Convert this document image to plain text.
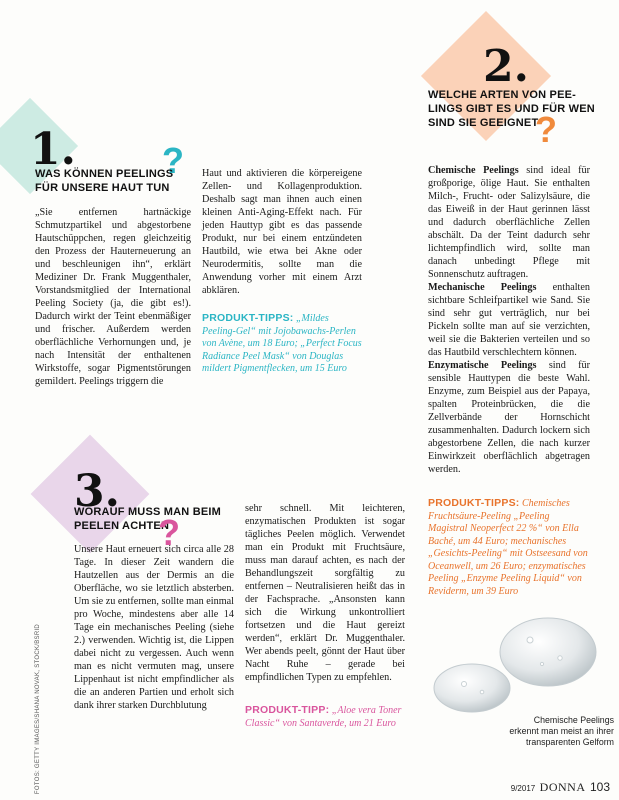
FOTOS: GETTY IMAGES/SHANA NOVAK, STOCK/BSRID
1. ?
WAS KÖNNEN PEELINGS
FÜR UNSERE HAUT TUN

„Sie entfernen hartnäckige Schmutzpartikel und abgestorbene Hautschüppchen, regen gleichzeitig den Prozess der Hauterneuerung an und beschleunigen ihn“, erklärt Mediziner Dr. Frank Muggenthaler, Vorstandsmitglied der International Peeling Society (ja, die gibt es!). Dadurch wirkt der Teint ebenmäßiger und frischer. Außerdem werden oberflächliche Verhornungen und, je nach Intensität der enthaltenen Wirkstoffe, sogar Pigmentstörungen gemildert. Peelings triggern die

Haut und aktivieren die körpereigene Zellen- und Kollagenproduktion. Deshalb sagt man ihnen auch einen kleinen Anti-Aging-Effekt nach. Für jeden Hauttyp gibt es das passende Produkt, nur bei einem entzündeten Hautbild, wie etwa bei Akne oder Neurodermitis, sollte man die Anwendung vorher mit einem Arzt abklären.

PRODUKT-TIPPS: „Mildes Peeling-Gel“ mit Jojobawachs-Perlen von Avène, um 18 Euro; „Perfect Focus Radiance Peel Mask“ von Douglas mildert Pigmentflecken, um 15 Euro
2.
WELCHE ARTEN VON PEE-
LINGS GIBT ES UND FÜR WEN
SIND SIE GEEIGNET
?

Chemische Peelings sind ideal für großporige, ölige Haut. Sie enthalten Milch-, Frucht- oder Salizylsäure, die das Eiweiß in der Haut gerinnen lässt und dadurch oberflächliche Zellen abschält. Da der Teint dadurch sehr lichtempfindlich wird, sollte man danach unbedingt Pflege mit Sonnenschutz auftragen.

Mechanische Peelings enthalten sichtbare Schleifpartikel wie Sand. Sie sind sehr gut verträglich, nur bei Pickeln sollte man auf sie verzichten, weil sie die Bakterien verteilen und so das Hautbild verschlechtern können.

Enzymatische Peelings sind für sensible Hauttypen die beste Wahl. Enzyme, zum Beispiel aus der Papaya, spalten Proteinbrücken, die die Zellverbände der Hornschicht zusammenhalten. Dadurch lockern sich abgestorbene Zellen, die nach kurzer Einwirkzeit oberflächlich abgetragen werden.

PRODUKT-TIPPS: Chemisches Fruchtsäure-Peeling „Peeling Magistral Neoperfect 22 %“ von Ella Baché, um 44 Euro; mechanisches „Gesichts-Peeling“ mit Ostseesand von Oceanwell, um 26 Euro; enzymatisches Peeling „Enzyme Peeling Liquid“ von Reviderm, um 39 Euro
Chemische Peelings
erkennt man meist an ihrer
transparenten Gelform
3.
WORAUF MUSS MAN BEIM
PEELEN ACHTEN
?

Unsere Haut erneuert sich circa alle 28 Tage. In dieser Zeit wandern die Hautzellen aus der Dermis an die Oberfläche, wo sie letztlich absterben. Um sie zu entfernen, sollte man einmal pro Woche, mindestens aber alle 14 Tage ein mechanisches Peeling (siehe 2.) verwenden. Wichtig ist, die Lippen dabei nicht zu vergessen. Auch wenn man es nicht vermuten mag, unsere Lippenhaut ist nicht empfindlicher als die an anderen Partien und erholt sich dank ihrer starken Durchblutung

sehr schnell. Mit leichteren, enzymatischen Produkten ist sogar tägliches Peelen möglich. Verwendet man ein Produkt mit Fruchtsäure, muss man darauf achten, es nach der Behandlungszeit sorgfältig zu entfernen – Neutralisieren heißt das in der Fachsprache. „Ansonsten kann sich die Wirkung unkontrolliert fortsetzen und die Haut gereizt werden“, erklärt Dr. Muggenthaler. Wer abends peelt, gönnt der Haut über Nacht Ruhe – gerade bei empfindlichen Typen zu empfehlen.

PRODUKT-TIPP: „Aloe vera Toner Classic“ von Santaverde, um 21 Euro
9/2017 DONNA 103
